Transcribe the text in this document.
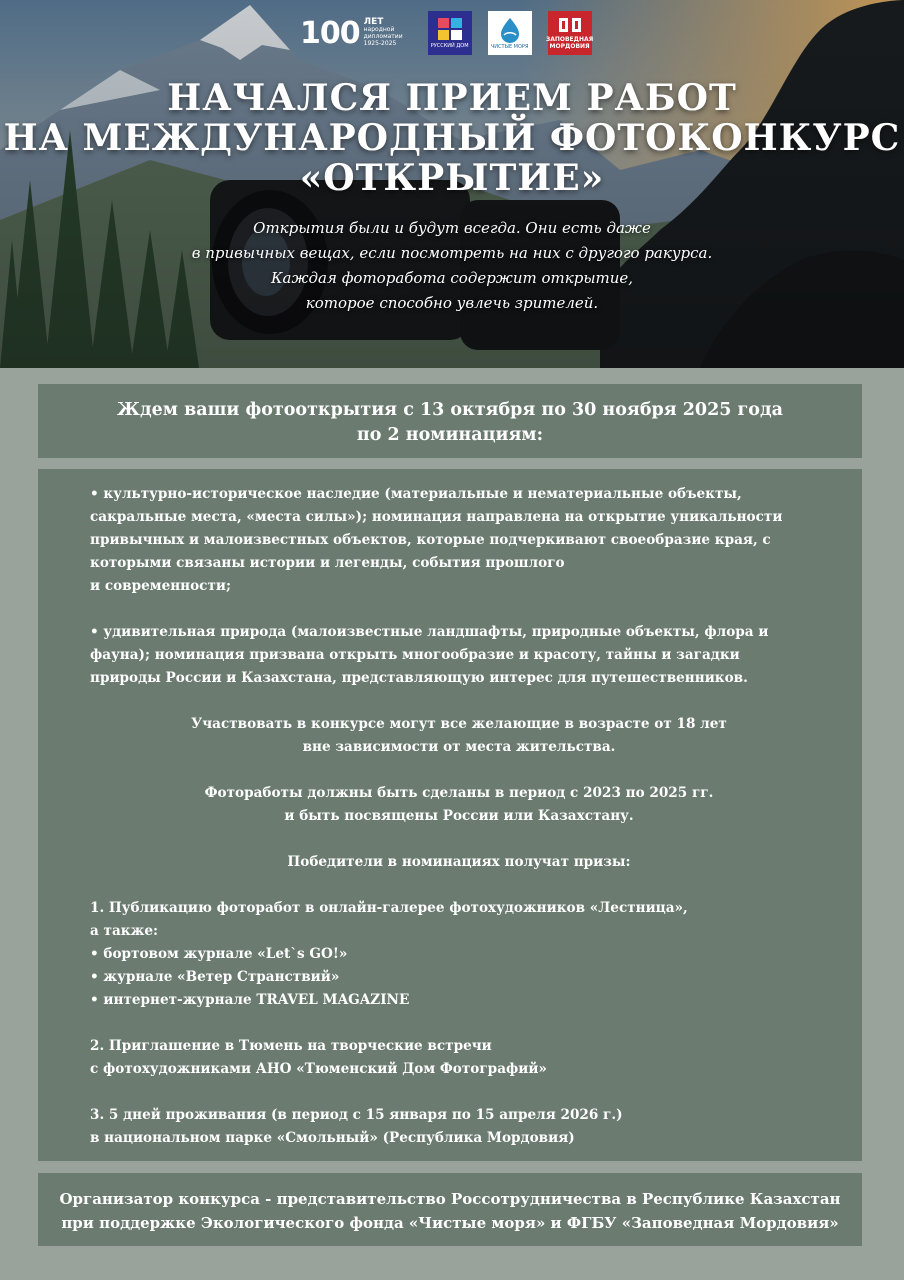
100 ЛЕТ
народной дипломатии
1925-2025	РУССКИЙ ДОМ	ЧИСТЫЕ МОРЯ
ЗАПОВЕДНАЯ
МОРДОВИЯ
НАЧАЛСЯ ПРИЕМ РАБОТ
НА МЕЖДУНАРОДНЫЙ ФОТОКОНКУРС
«ОТКРЫТИЕ»

Открытия были и будут всегда. Они есть даже
в привычных вещах, если посмотреть на них с другого ракурса.
Каждая фоторабота содержит открытие,
которое способно увлечь зрителей.

Ждем ваши фотооткрытия с 13 октября по 30 ноября 2025 года
по 2 номинациям:
• культурно-историческое наследие (материальные и нематериальные объекты,
сакральные места, «места силы»); номинация направлена на открытие уникальности
привычных и малоизвестных объектов, которые подчеркивают своеобразие края, с
которыми связаны истории и легенды, события прошлого
и современности;
• удивительная природа (малоизвестные ландшафты, природные объекты, флора и
фауна); номинация призвана открыть многообразие и красоту, тайны и загадки
природы России и Казахстана, представляющую интерес для путешественников.
Участвовать в конкурсе могут все желающие в возрасте от 18 лет
вне зависимости от места жительства.
Фотоработы должны быть сделаны в период с 2023 по 2025 гг.
и быть посвящены России или Казахстану.
Победители в номинациях получат призы:
1. Публикацию фоторабот в онлайн-галерее фотохудожников «Лестница»,
а также:
• бортовом журнале «Let`s GO!»
• журнале «Ветер Странствий»
• интернет-журнале TRAVEL MAGAZINE
2. Приглашение в Тюмень на творческие встречи
с фотохудожниками АНО «Тюменский Дом Фотографий»
3. 5 дней проживания (в период с 15 января по 15 апреля 2026 г.)
в национальном парке «Смольный» (Республика Мордовия)
Организатор конкурса - представительство Россотрудничества в Республике Казахстан
при поддержке Экологического фонда «Чистые моря» и ФГБУ «Заповедная Мордовия»
